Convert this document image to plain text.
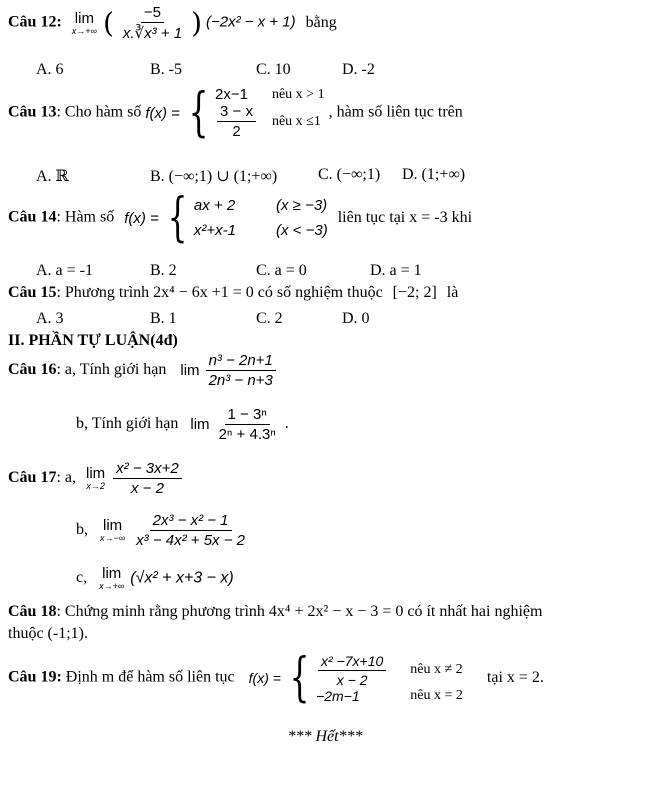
Câu 12: lim
x→+∞ ( $\frac{-5}{\text{x.∛x³ + 1}}$ ) (−2x² − x + 1) bằng
A. 6	B. -5	C. 10	D. -2
Câu 13: Cho hàm số f(x) = { 2x−1	nêu x > 1
$\frac{3 - x}{2}$ nêu x ≤1
, hàm số liên tục trên
A. ℝ	B. (−∞;1) ∪ (1;+∞)	C. (−∞;1) D. (1;+∞)
Câu 14: Hàm số f(x) = { ax + 2	(x ≥ −3)
x²+x-1	(x < −3)
liên tục tại x = -3 khi
A. a = -1	B. 2	C. a = 0	D. a = 1
Câu 15: Phương trình 2x⁴ − 6x +1 = 0 có số nghiệm thuộc [−2; 2] là
A. 3	B. 1	C. 2	D. 0
II. PHẦN TỰ LUẬN(4đ)
Câu 16: a, Tính giới hạn $\lim \frac{\text{n³ − 2n+1}}{\text{2n³ − n+3}}$
b, Tính giới hạn $\lim \frac{\text{1 − 3ⁿ}}{\text{2ⁿ + 4.3ⁿ}}$ .
Câu 17: a, lim
x→2
$\frac{\text{x² − 3x+2}}{x - 2}$
b, lim
x→−∞
$\frac{\text{2x³ − x² − 1}}{\text{x³ − 4x² + 5x − 2}}$
c, lim
x→+∞ (√x² + x+3 − x)
Câu 18: Chứng minh rằng phương trình 4x⁴ + 2x² − x − 3 = 0 có ít nhất hai nghiệm
thuộc (-1;1).
Câu 19: Định m để hàm số liên tục f(x) = { $\frac{\text{x² −7x+10}}{x - 2}$ nêu x ≠ 2
−2m−1	nêu x = 2
tại x = 2.
*** Hết***
